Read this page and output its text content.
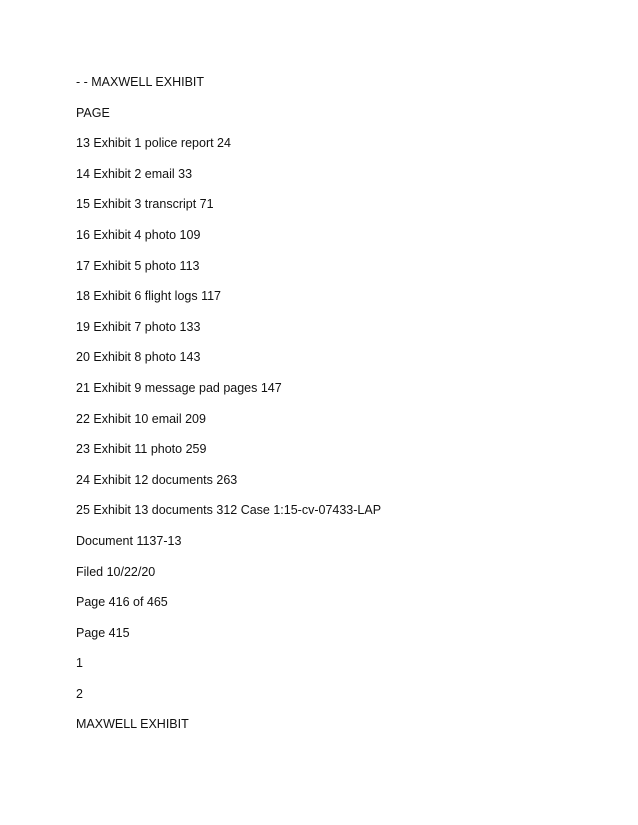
- - MAXWELL EXHIBIT
PAGE
13 Exhibit 1 police report 24
14 Exhibit 2 email 33
15 Exhibit 3 transcript 71
16 Exhibit 4 photo 109
17 Exhibit 5 photo 113
18 Exhibit 6 flight logs 117
19 Exhibit 7 photo 133
20 Exhibit 8 photo 143
21 Exhibit 9 message pad pages 147
22 Exhibit 10 email 209
23 Exhibit 11 photo 259
24 Exhibit 12 documents 263
25 Exhibit 13 documents 312 Case 1:15-cv-07433-LAP
Document 1137-13
Filed 10/22/20
Page 416 of 465
Page 415
1
2
MAXWELL EXHIBIT
